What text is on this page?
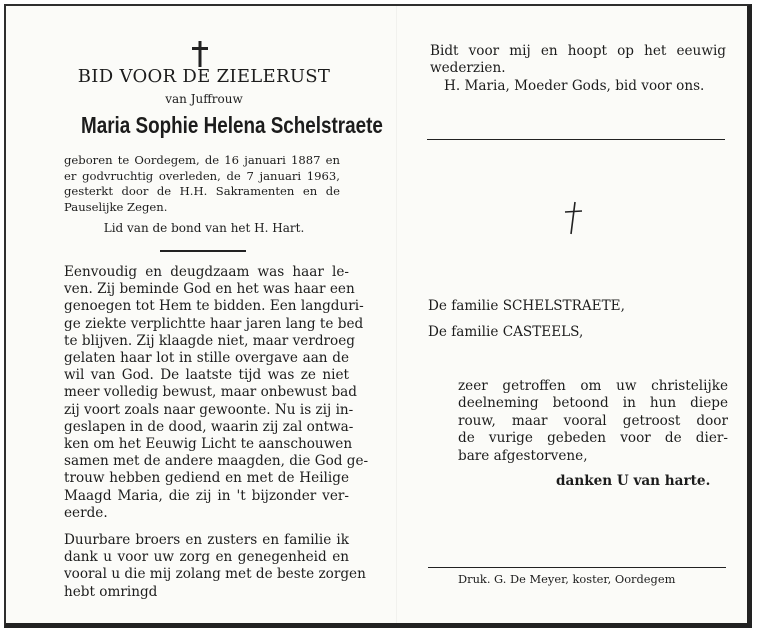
BID VOOR DE ZIELERUST
van Juffrouw
Maria Sophie Helena Schelstraete
geboren te Oordegem, de 16 januari 1887 en
er godvruchtig overleden, de 7 januari 1963,
gesterkt door de H.H. Sakramenten en de
Pauselijke Zegen.
Lid van de bond van het H. Hart.
Eenvoudig en deugdzaam was haar le-
ven. Zij beminde God en het was haar een
genoegen tot Hem te bidden. Een langduri-
ge ziekte verplichtte haar jaren lang te bed
te blijven. Zij klaagde niet, maar verdroeg
gelaten haar lot in stille overgave aan de
wil van God. De laatste tijd was ze niet
meer volledig bewust, maar onbewust bad
zij voort zoals naar gewoonte. Nu is zij in-
geslapen in de dood, waarin zij zal ontwa-
ken om het Eeuwig Licht te aanschouwen
samen met de andere maagden, die God ge-
trouw hebben gediend en met de Heilige
Maagd Maria, die zij in 't bijzonder ver-
eerde.
Duurbare broers en zusters en familie ik
dank u voor uw zorg en genegenheid en
vooral u die mij zolang met de beste zorgen
hebt omringd
Bidt voor mij en hoopt op het eeuwig
wederzien.
H. Maria, Moeder Gods, bid voor ons.
De familie SCHELSTRAETE,
De familie CASTEELS,
zeer getroffen om uw christelijke
deelneming betoond in hun diepe
rouw, maar vooral getroost door
de vurige gebeden voor de dier-
bare afgestorvene,
danken U van harte.
Druk. G. De Meyer, koster, Oordegem
